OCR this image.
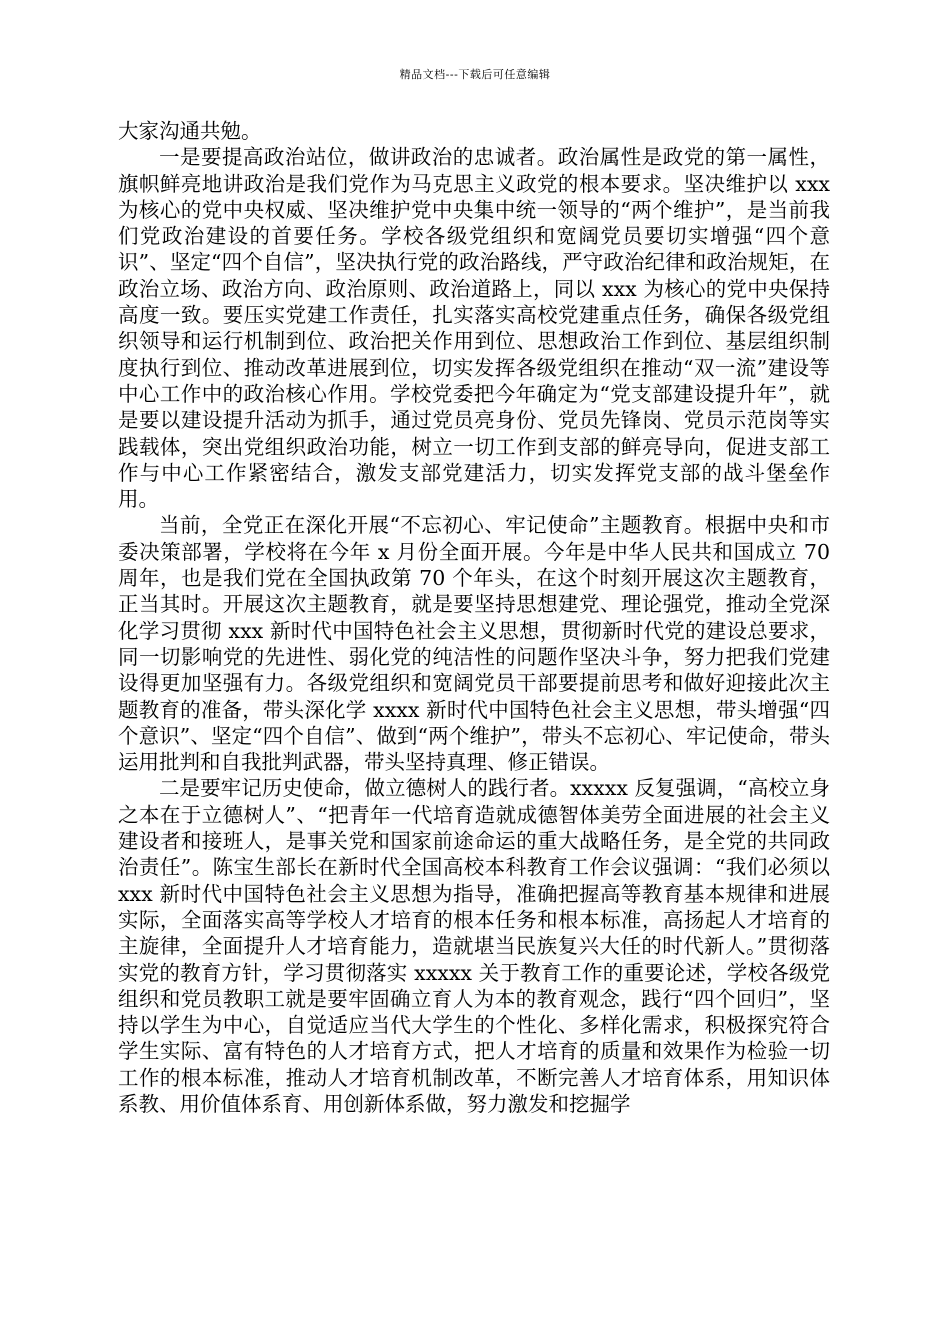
精品文档---下载后可任意编辑

大家沟通共勉。

一是要提高政治站位，做讲政治的忠诚者。政治属性是政党的第一属性，旗帜鲜亮地讲政治是我们党作为马克思主义政党的根本要求。坚决维护以 xxx 为核心的党中央权威、坚决维护党中央集中统一领导的“两个维护”，是当前我们党政治建设的首要任务。学校各级党组织和宽阔党员要切实增强“四个意识”、坚定“四个自信”，坚决执行党的政治路线，严守政治纪律和政治规矩，在政治立场、政治方向、政治原则、政治道路上，同以 xxx 为核心的党中央保持高度一致。要压实党建工作责任，扎实落实高校党建重点任务，确保各级党组织领导和运行机制到位、政治把关作用到位、思想政治工作到位、基层组织制度执行到位、推动改革进展到位，切实发挥各级党组织在推动“双一流”建设等中心工作中的政治核心作用。学校党委把今年确定为“党支部建设提升年”，就是要以建设提升活动为抓手，通过党员亮身份、党员先锋岗、党员示范岗等实践载体，突出党组织政治功能，树立一切工作到支部的鲜亮导向，促进支部工作与中心工作紧密结合，激发支部党建活力，切实发挥党支部的战斗堡垒作用。

当前，全党正在深化开展“不忘初心、牢记使命”主题教育。根据中央和市委决策部署，学校将在今年 x 月份全面开展。今年是中华人民共和国成立 70 周年，也是我们党在全国执政第 70 个年头，在这个时刻开展这次主题教育，正当其时。开展这次主题教育，就是要坚持思想建党、理论强党，推动全党深化学习贯彻 xxx 新时代中国特色社会主义思想，贯彻新时代党的建设总要求，同一切影响党的先进性、弱化党的纯洁性的问题作坚决斗争，努力把我们党建设得更加坚强有力。各级党组织和宽阔党员干部要提前思考和做好迎接此次主题教育的准备，带头深化学 xxxx 新时代中国特色社会主义思想，带头增强“四个意识”、坚定“四个自信”、做到“两个维护”，带头不忘初心、牢记使命，带头运用批判和自我批判武器，带头坚持真理、修正错误。

二是要牢记历史使命，做立德树人的践行者。xxxxx 反复强调，“高校立身之本在于立德树人”、“把青年一代培育造就成德智体美劳全面进展的社会主义建设者和接班人，是事关党和国家前途命运的重大战略任务，是全党的共同政治责任”。陈宝生部长在新时代全国高校本科教育工作会议强调：“我们必须以 xxx 新时代中国特色社会主义思想为指导，准确把握高等教育基本规律和进展实际，全面落实高等学校人才培育的根本任务和根本标准，高扬起人才培育的主旋律，全面提升人才培育能力，造就堪当民族复兴大任的时代新人。”贯彻落实党的教育方针，学习贯彻落实 xxxxx 关于教育工作的重要论述，学校各级党组织和党员教职工就是要牢固确立育人为本的教育观念，践行“四个回归”，坚持以学生为中心，自觉适应当代大学生的个性化、多样化需求，积极探究符合学生实际、富有特色的人才培育方式，把人才培育的质量和效果作为检验一切工作的根本标准，推动人才培育机制改革，不断完善人才培育体系，用知识体系教、用价值体系育、用创新体系做，努力激发和挖掘学
